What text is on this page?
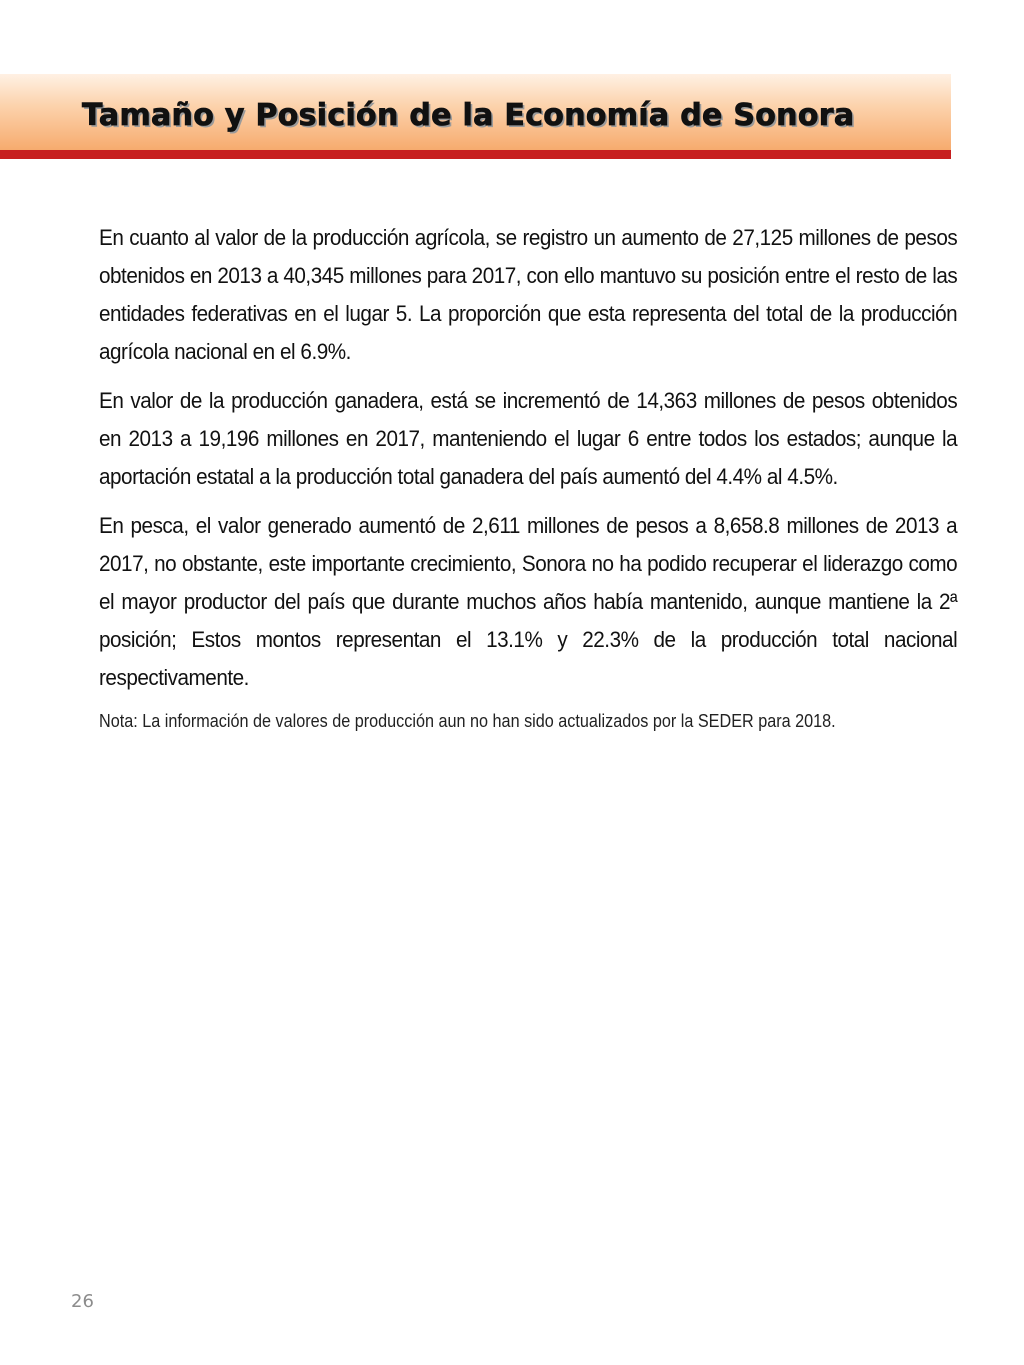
Tamaño y Posición de la Economía de Sonora

En cuanto al valor de la producción agrícola, se registro un aumento de 27,125 millones de pesos obtenidos en 2013 a 40,345 millones para 2017, con ello mantuvo su posición entre el resto de las entidades federativas en el lugar 5. La proporción que esta representa del total de la producción agrícola nacional en el 6.9%.

En valor de la producción ganadera, está se incrementó de 14,363 millones de pesos obtenidos en 2013 a 19,196 millones en 2017, manteniendo el lugar 6 entre todos los estados; aunque la aportación estatal a la producción total ganadera del país aumentó del 4.4% al 4.5%.

En pesca, el valor generado aumentó de 2,611 millones de pesos a 8,658.8 millones de 2013 a 2017, no obstante, este importante crecimiento, Sonora no ha podido recuperar el liderazgo como el mayor productor del país que durante muchos años había mantenido, aunque mantiene la 2ª posición; Estos montos representan el 13.1% y 22.3% de la producción total nacional respectivamente.

Nota: La información de valores de producción aun no han sido actualizados por la SEDER para 2018.

26
